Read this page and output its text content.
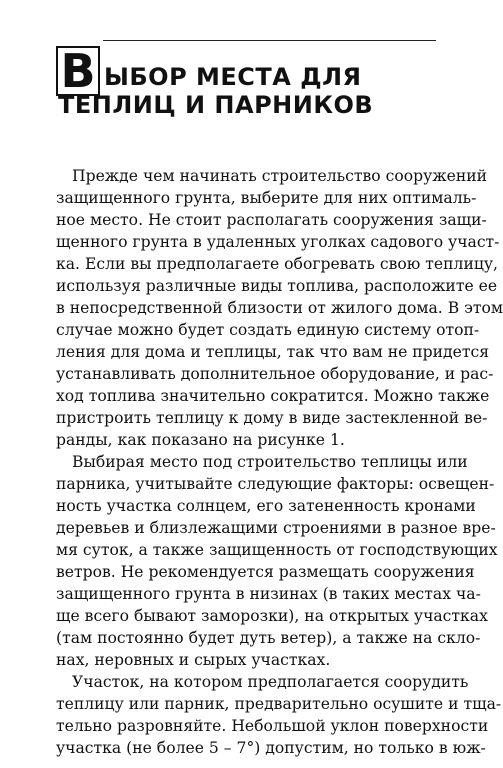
В ЫБОР МЕСТА ДЛЯ
ТЕПЛИЦ И ПАРНИКОВ
Прежде чем начинать строительство сооружений
защищенного грунта, выберите для них оптималь-
ное место. Не стоит располагать сооружения защи-
щенного грунта в удаленных уголках садового участ-
ка. Если вы предполагаете обогревать свою теплицу,
используя различные виды топлива, расположите ее
в непосредственной близости от жилого дома. В этом
случае можно будет создать единую систему отоп-
ления для дома и теплицы, так что вам не придется
устанавливать дополнительное оборудование, и рас-
ход топлива значительно сократится. Можно также
пристроить теплицу к дому в виде застекленной ве-
ранды, как показано на рисунке 1.
Выбирая место под строительство теплицы или
парника, учитывайте следующие факторы: освещен-
ность участка солнцем, его затененность кронами
деревьев и близлежащими строениями в разное вре-
мя суток, а также защищенность от господствующих
ветров. Не рекомендуется размещать сооружения
защищенного грунта в низинах (в таких местах ча-
ще всего бывают заморозки), на открытых участках
(там постоянно будет дуть ветер), а также на скло-
нах, неровных и сырых участках.
Участок, на котором предполагается соорудить
теплицу или парник, предварительно осушите и тща-
тельно разровняйте. Небольшой уклон поверхности
участка (не более 5 – 7°) допустим, но только в юж-
